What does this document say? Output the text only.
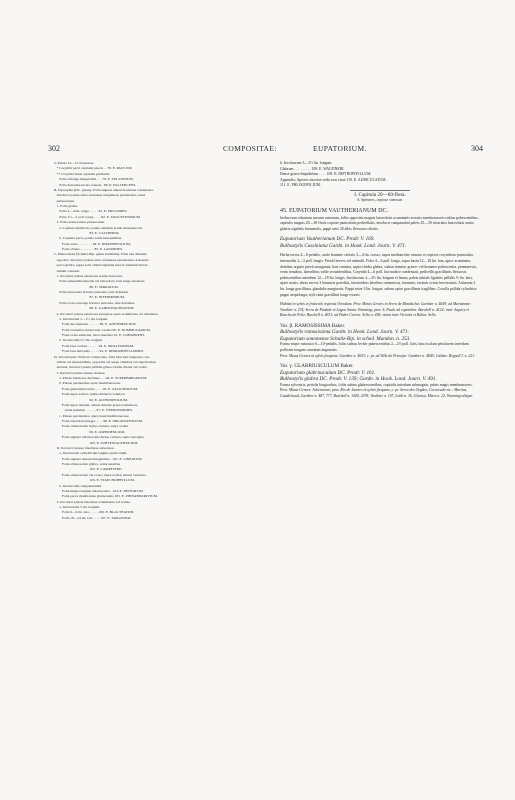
302	COMPOSITAE:	EUPATORIUM.	304
b. Paleae 12—15 triseriatae.
* Corymbi parvi capitulis paucis . . 78. E. PAUCUM.
** Corymbi densi capitulis permultis.
Folia oblonga integerrima . . . 79. E. VELUTINUM.
Folia deltoidea inciso-crenata . 80. E. FALLERCENS.
B. Dysosphia (DC. genus). Folia angusta unnervia ulterna condensata.
Involucri paleae rubro-brunneae sanguineae persistentes, intus
pubescentes.
1. Folia glabra.
Folia 3—4 lin. longa . . . . . 81. E. ERICOIDES.
Folia 1½—2 poll. longa . . . . 82. E. ANGUSTISSIMUM.
2. Folia dense lanuto-pubescentia.
a. Capitula mediocria, paleis omnibus acutis subsquarrosis
83. E. CALVIBIUM.
b. Capitula parva, paleis valde inaequalibus.
Folia acuta . . . . . . . . 84. E. RHAMNIFOLIUM.
Folia obtusa . . . . . . . . 85. E. LASIOIDES.
C. Heterolaena (Schultz-Bip. genus ineditum). Folia lata distantia
opposita. Involucri paleae rubro-brunneae persistentes. Achaenia
parva glabra, pappi setis ciliatis rigidulis basi in annulum brevis-
simum connatis.
1. Involucri paleae exteriores acutae breviores.
Folia subsessilia lineolis vel lanceolata, basi longe attenuata
86. E. SERRATUM.
Folia lanceolata breviter petiolata, basi deltoidea
87. E. INTERMEDIUM.
Folia ovato-oblonga breviter petiolata, basi deltoidea
88. E. GARDCHAUDIANUM.
2. Involucri paleae exteriores elongatae apice acuminatae vel subulatae.
a. Involucrum 1—1½ lin. longum.
Folia decompostia . . . . . . 89. E. ANETHIFOLIUM.
Folia rotundata obtusa basi cordata 90. E. NUMMULARIUM.
Folia ovata subacuta, basi rotundata 91. E. COHAERENS.
b. Involucrum 2½ lin. longum.
Folia basi cordata . . . . . . 92. E. MOLLISSIMUM.
Folia basi deltoidea . . . . . 93. E. RHODOPHYLLOIDES.
D. Veronicopsis. Frutices compositae, folia latis basi angustata, ses-
silibus vel subsessilibus, oppositis vel saepe omnibus vel superioribus
alternis, involucri paleis pallidis griseo-viridis ciliatis vel acutis.
I. Involucri paleae omnes obtusae.
a. Paleae interiores deciduae . . . 94. E. SUPERBIDIGERUM.
b. Paleae persistentes apice membranaceae.
Folia glaberrima laevia . . . . 95. E. SALICIFOLIUM.
Folia supra scabra, subtus distincte venulosa
96. E. ALTERNIFOLIUM.
Folia supra tenuiter, subtus densius griseo-tomentosa,
venis tenuibus . . . . . . 97. E. VERNONIOIDES.
c. Paleae persistentes, apice haud membranaceae.
Folia lanceolata integra . . . . 98. E. OBLONGIFOLIUM.
Folia oblanceolata inciso-crenata, supra scabra
99. E. ASPERIFOLIUM.
Folia angusta oblanceolata inciso-crenata, supra laevigata
100. E. SUBTESTACEIFOLIUM.
II. Involucri paleae triseriatae subacutae.
a. Involucrum cylindricum longius quam latum.
Folia angusta linearia integerrima . 101. E. LINEATUM.
Folia oblanceolata glabra, venis tenuibus
102. E. CAMPESTRE.
Folia oblanceolata vel ovata, supra scabra, subtus venulosa
103. E. STAECHOPHYLLUM.
b. Involucrum campanulatum.
Folia magna longius oblanceolata . 104. E. DENTATUM.
Folia parva rhomboidea glomerulata 105. E. PINNATIPARTITUM.
3. Involucri paleae biseriatae acuminatae vel acutae.
a. Involucrum 5 lin. longum.
Folia 6—9 lin. lata . . . . . 106. E. BLACTEATUM.
Folia 18—24 lin. lata . . . . 107. E. TRIGONUM.
b. Involucrum 3—3½ lin. longum.
Glabrum . . . . . . . . . 108. E. WAUDNERI.
Dense griseo-hispidulum . . . . 109. E. DIFTROPHYLLUM.
Appendix; Species incertae sedis non visae 110. E. AURICULATUM.
111. E. PHLOGIFOLIUM.
I. Capitula 20—60-flora.
A. Spirotres, copiose ramosae.
45. EUPATORIUM VAUTHERIANUM DC.
herbaceum robustum sursum ramosum, foliis oppositis magnis lanceolatis acuminatis serratis membranaceis subtus pubescentibus, capitulis magnis 20—30-floris copiose paniculatis pedicellatis, involucri campanulati paleis 25—30 triseriatis lanceolatis acutis glabris rigidulis brunneolis, pappi setis 30 albis flexuosis ciliatis.
Eupatorium Vautherianum DC. Prodr. V. 169.
Bulbostylis Cassiniana Gardn. in Hook. Lond. Journ. V. 471.
Herba erecta 4—6-pedalis, caule brunneo calvato 3—4 lin. crasso, supra medium late ramoso et copiose corymboso-paniculato, internodiis 2—3 poll. longis. Petioli breves vel subnulli. Folia 4—6 poll. longa, supra basin 12—18 lin. lata, apice acuminata, dentibus argutis parvis marginata, basi cuneata, supra viridia glabra, subtus tenuiter griseo- vel brunneo-pubescentia, penninervia, venis tenuibus, lateralibus valde secundentibus. Corymbi 4—6 poll. lati modice condensati, pedicellis gracillimis flexuosis pubescentibus interdum 12—18 lin. longis. Involucrum 4—4½ lin. longum et latum, paleis initiale ligulatis pallidis ⅔ lin. latis, apice acutis, dorso nervis 3 brunneis praeditis, interioribus lateribus tomentosis, brunneis, extimis ovatis brevissimis. Achaenia 2 lin. longa gracillima, glandulis marginatis. Pappi setae 3 lin. longae, saltem apice gracillimis fragilibus. Corolla pallida cylindrica pappo aequilonga; styli rami gracillimi longe exserti.
Habitat in sylvis et fruticetis regionis Oreadum. Prov. Minas Geraes in Serra de Mandacha: Gardner n. 4649; ad Mariannae: Vauthier n. 274; Serra de Piedade et Lagoa Santa: Warming; prov. S. Paulo ad capitolem: Burchell n. 4124; inter Jaquiry et Rancho de Feliz: Burchell n. 4631; ad Padre Correa: Sello n. 458; etiam inter Victoria et Bahia: Sello.
Var. β. RAMOSISSIMA Baker.
Bulbostylis ramosissima Gardn. in Hook. Lond. Journ. V. 471.
Eupatorium sonomense Schultz-Bip. in sched. Mandon. n. 253.
Forma major ramosior 6—10-pedalis, foliis subtus leviter pubescentibus 2—2½ poll. latis, basi in alam petiolarem interdum pollicem longam cuneatim angustatis.
Prov. Minas Geraes in sylvis frequens: Gardner n. 4653; c. pr. ad Villa do Principe: Gardner n. 4845; Caldas: Regnell I. n. 221.
Var. γ. GLABRIUSCULUM Baker.
Eupatorium glabriusculum DC. Prodr. V. 161.
Bulbostylis glabra DC. Prodr. V. 139; Gardn. in Hook. Lond. Journ. V. 491.
Forma sylvestris, petiolis longioribus, foliis subtus glabrescentibus, capitulis interdum submagnis, paleis magis membranaceis.
Prov. Minas Geraes: Ackermann; prov. Rio de Janeiro in sylvis frequens, c. pr. Serra dos Orgãos, Corcovado etc.: Martius, Gaudichaud, Gardner n. 487, 777, Burchell n. 1400, 2078, Vauthier n. 107, Lobb n. 36, Glaziou, Miers n. 22, Warming aliique.
